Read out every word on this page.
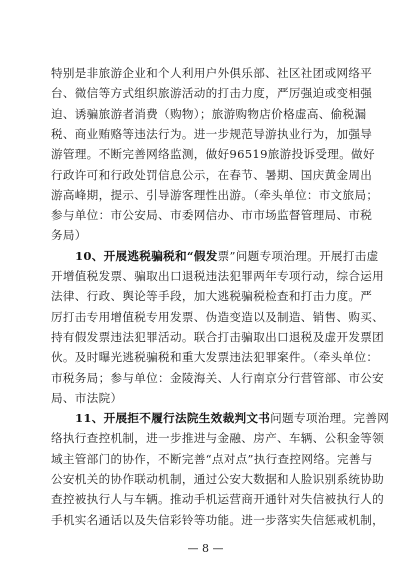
特别是非旅游企业和个人利用户外俱乐部、社区社团或网络平
台、微信等方式组织旅游活动的打击力度，严厉强迫或变相强
迫、诱骗旅游者消费（购物）；旅游购物店价格虚高、偷税漏
税、商业贿赂等违法行为。进一步规范导游执业行为，加强导
游管理。不断完善网络监测，做好96519旅游投诉受理。做好
行政许可和行政处罚信息公示，在春节、暑期、国庆黄金周出
游高峰期，提示、引导游客理性出游。（牵头单位：市文旅局；
参与单位：市公安局、市委网信办、市市场监督管理局、市税
务局）
10、开展逃税骗税和“假发票”问题专项治理。开展打击虚
开增值税发票、骗取出口退税违法犯罪两年专项行动，综合运用
法律、行政、舆论等手段，加大逃税骗税检查和打击力度。严
厉打击专用增值税专用发票、伪造变造以及制造、销售、购买、
持有假发票违法犯罪活动。联合打击骗取出口退税及虚开发票团
伙。及时曝光逃税骗税和重大发票违法犯罪案件。（牵头单位：
市税务局；参与单位：金陵海关、人行南京分行营管部、市公安
局、市法院）
11、开展拒不履行法院生效裁判文书问题专项治理。完善网
络执行查控机制，进一步推进与金融、房产、车辆、公积金等领
域主管部门的协作，不断完善“点对点”执行查控网络。完善与
公安机关的协作联动机制，通过公安大数据和人脸识别系统协助
查控被执行人与车辆。推动手机运营商开通针对失信被执行人的
手机实名通话以及失信彩铃等功能。进一步落实失信惩戒机制，
— 8 —
